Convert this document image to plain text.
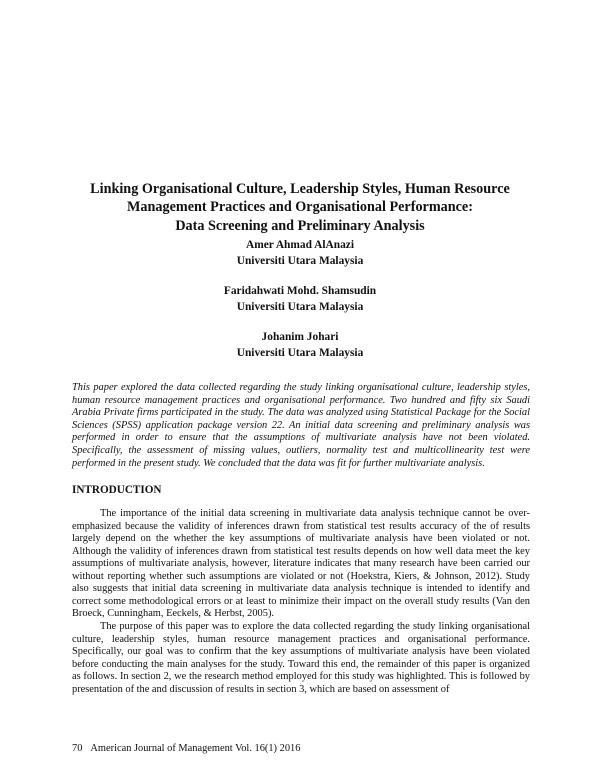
Linking Organisational Culture, Leadership Styles, Human Resource
Management Practices and Organisational Performance:
Data Screening and Preliminary Analysis
Amer Ahmad AlAnazi
Universiti Utara Malaysia
Faridahwati Mohd. Shamsudin
Universiti Utara Malaysia
Johanim Johari
Universiti Utara Malaysia
This paper explored the data collected regarding the study linking organisational culture, leadership styles, human resource management practices and organisational performance. Two hundred and fifty six Saudi Arabia Private firms participated in the study. The data was analyzed using Statistical Package for the Social Sciences (SPSS) application package version 22. An initial data screening and preliminary analysis was performed in order to ensure that the assumptions of multivariate analysis have not been violated. Specifically, the assessment of missing values, outliers, normality test and multicollinearity test were performed in the present study. We concluded that the data was fit for further multivariate analysis.
INTRODUCTION
The importance of the initial data screening in multivariate data analysis technique cannot be over-emphasized because the validity of inferences drawn from statistical test results accuracy of the of results largely depend on the whether the key assumptions of multivariate analysis have been violated or not. Although the validity of inferences drawn from statistical test results depends on how well data meet the key assumptions of multivariate analysis, however, literature indicates that many research have been carried our without reporting whether such assumptions are violated or not (Hoekstra, Kiers, & Johnson, 2012). Study also suggests that initial data screening in multivariate data analysis technique is intended to identify and correct some methodological errors or at least to minimize their impact on the overall study results (Van den Broeck, Cunningham, Eeckels, & Herbst, 2005).
The purpose of this paper was to explore the data collected regarding the study linking organisational culture, leadership styles, human resource management practices and organisational performance. Specifically, our goal was to confirm that the key assumptions of multivariate analysis have been violated before conducting the main analyses for the study. Toward this end, the remainder of this paper is organized as follows. In section 2, we the research method employed for this study was highlighted. This is followed by presentation of the and discussion of results in section 3, which are based on assessment of
70 American Journal of Management Vol. 16(1) 2016
